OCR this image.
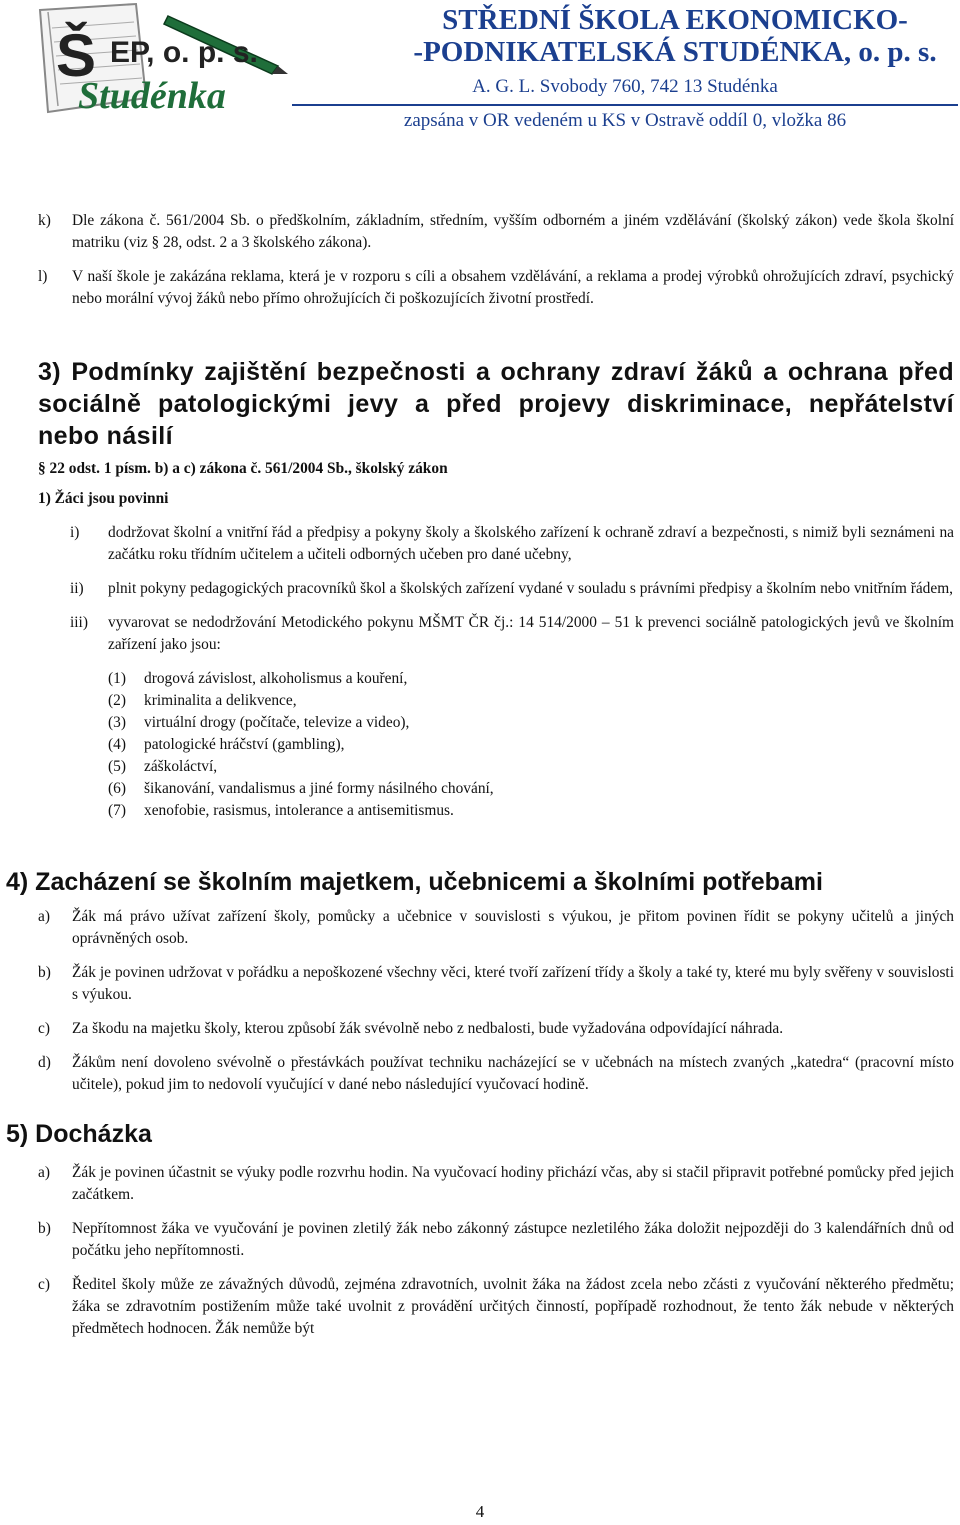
Š EP, o. p. s.
Studénka

STŘEDNÍ ŠKOLA EKONOMICKO-
-PODNIKATELSKÁ STUDÉNKA, o. p. s.

A. G. L. Svobody 760, 742 13 Studénka

zapsána v OR vedeném u KS v Ostravě oddíl 0, vložka 86

k)	Dle zákona č. 561/2004 Sb. o předškolním, základním, středním, vyšším odborném a jiném vzdělávání (školský zákon) vede škola školní matriku (viz § 28, odst. 2 a 3 školského zákona).
l)	V naší škole je zakázána reklama, která je v rozporu s cíli a obsahem vzdělávání, a reklama a prodej výrobků ohrožujících zdraví, psychický nebo morální vývoj žáků nebo přímo ohrožujících či poškozujících životní prostředí.
3) Podmínky zajištění bezpečnosti a ochrany zdraví žáků a ochrana před sociálně patologickými jevy a před projevy diskriminace, nepřátelství nebo násilí
§ 22 odst. 1 písm. b) a c) zákona č. 561/2004 Sb., školský zákon
1) Žáci jsou povinni
i)	dodržovat školní a vnitřní řád a předpisy a pokyny školy a školského zařízení k ochraně zdraví a bezpečnosti, s nimiž byli seznámeni na začátku roku třídním učitelem a učiteli odborných učeben pro dané učebny,
ii)	plnit pokyny pedagogických pracovníků škol a školských zařízení vydané v souladu s právními předpisy a školním nebo vnitřním řádem,
iii)	vyvarovat se nedodržování Metodického pokynu MŠMT ČR čj.: 14 514/2000 – 51 k prevenci sociálně patologických jevů ve školním zařízení jako jsou:
(1)	drogová závislost, alkoholismus a kouření,
(2)	kriminalita a delikvence,
(3)	virtuální drogy (počítače, televize a video),
(4)	patologické hráčství (gambling),
(5)	záškoláctví,
(6)	šikanování, vandalismus a jiné formy násilného chování,
(7)	xenofobie, rasismus, intolerance a antisemitismus.
4) Zacházení se školním majetkem, učebnicemi a školními potřebami
a)	Žák má právo užívat zařízení školy, pomůcky a učebnice v souvislosti s výukou, je přitom povinen řídit se pokyny učitelů a jiných oprávněných osob.
b)	Žák je povinen udržovat v pořádku a nepoškozené všechny věci, které tvoří zařízení třídy a školy a také ty, které mu byly svěřeny v souvislosti s výukou.
c)	Za škodu na majetku školy, kterou způsobí žák svévolně nebo z nedbalosti, bude vyžadována odpovídající náhrada.
d)	Žákům není dovoleno svévolně o přestávkách používat techniku nacházející se v učebnách na místech zvaných „katedra“ (pracovní místo učitele), pokud jim to nedovolí vyučující v dané nebo následující vyučovací hodině.
5) Docházka
a)	Žák je povinen účastnit se výuky podle rozvrhu hodin. Na vyučovací hodiny přichází včas, aby si stačil připravit potřebné pomůcky před jejich začátkem.
b)	Nepřítomnost žáka ve vyučování je povinen zletilý žák nebo zákonný zástupce nezletilého žáka doložit nejpozději do 3 kalendářních dnů od počátku jeho nepřítomnosti.
c)	Ředitel školy může ze závažných důvodů, zejména zdravotních, uvolnit žáka na žádost zcela nebo zčásti z vyučování některého předmětu; žáka se zdravotním postižením může také uvolnit z provádění určitých činností, popřípadě rozhodnout, že tento žák nebude v některých předmětech hodnocen. Žák nemůže být
4
